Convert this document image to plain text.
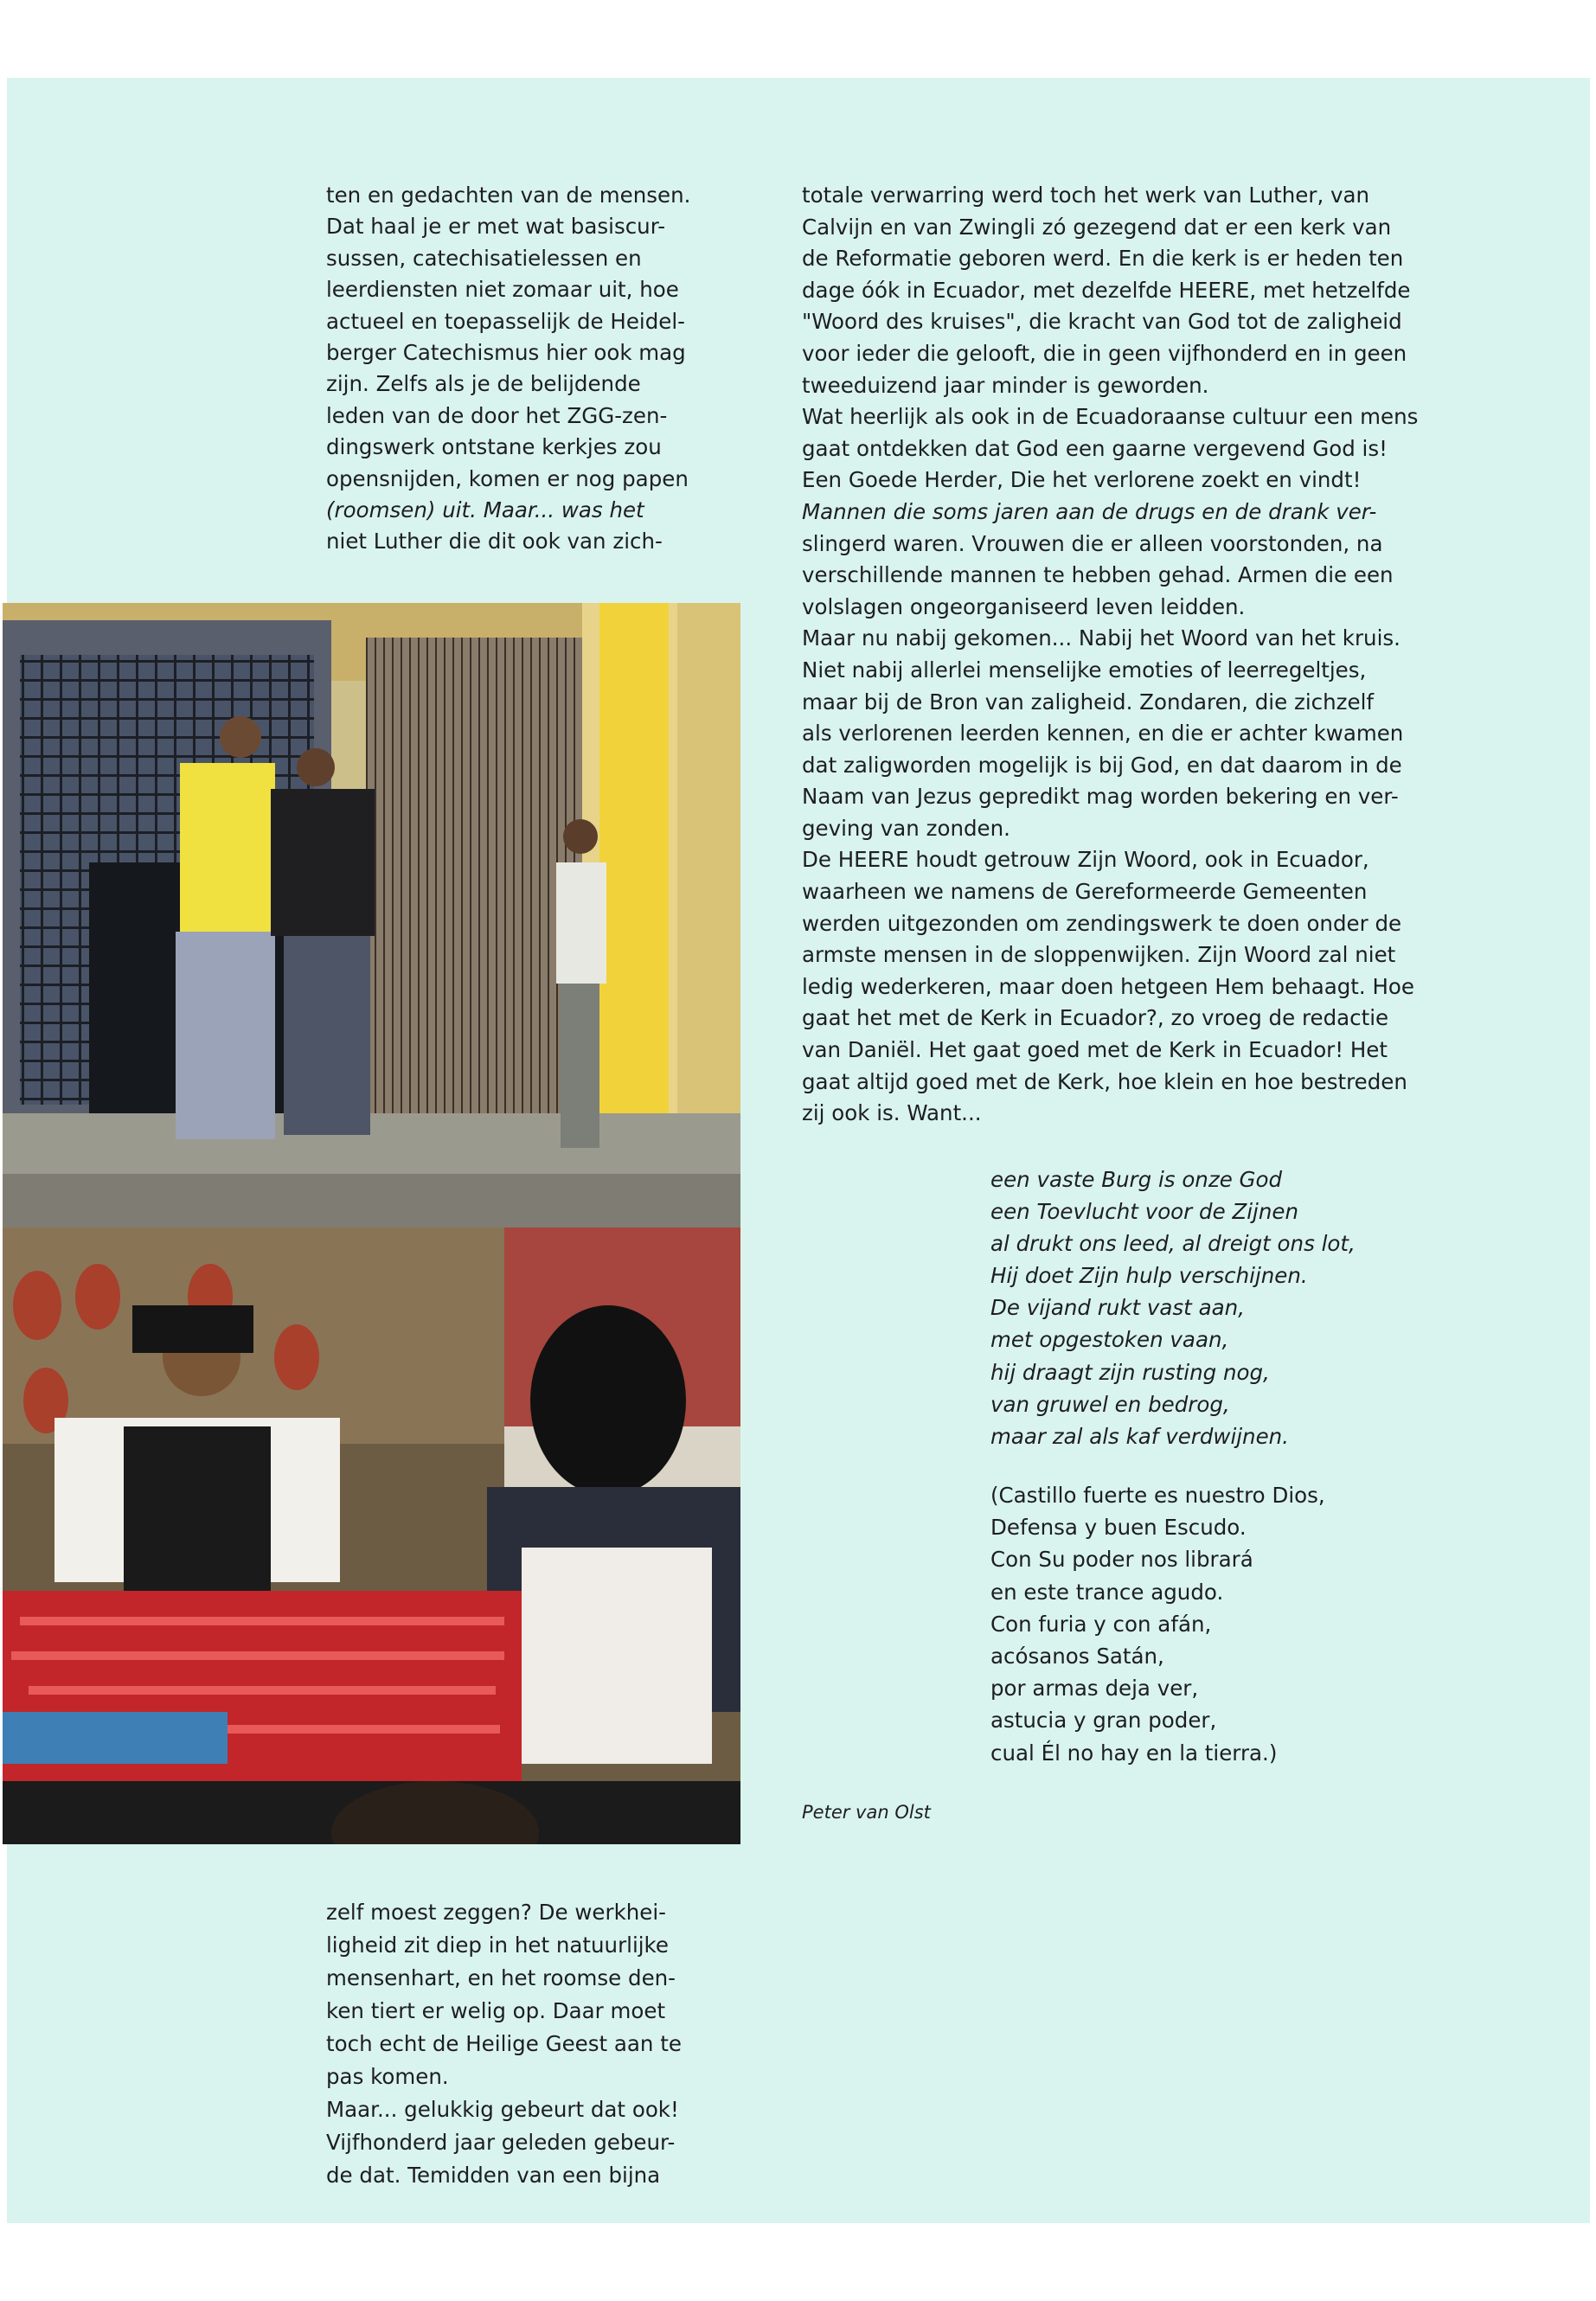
ten en gedachten van de mensen.
Dat haal je er met wat basiscur-
sussen, catechisatielessen en
leerdiensten niet zomaar uit, hoe
actueel en toepasselijk de Heidel-
berger Catechismus hier ook mag
zijn. Zelfs als je de belijdende
leden van de door het ZGG-zen-
dingswerk ontstane kerkjes zou
opensnijden, komen er nog papen
(roomsen) uit. Maar... was het
niet Luther die dit ook van zich-
zelf moest zeggen? De werkhei-
ligheid zit diep in het natuurlijke
mensenhart, en het roomse den-
ken tiert er welig op. Daar moet
toch echt de Heilige Geest aan te
pas komen.
Maar... gelukkig gebeurt dat ook!
Vijfhonderd jaar geleden gebeur-
de dat. Temidden van een bijna
totale verwarring werd toch het werk van Luther, van
Calvijn en van Zwingli zó gezegend dat er een kerk van
de Reformatie geboren werd. En die kerk is er heden ten
dage óók in Ecuador, met dezelfde HEERE, met hetzelfde
"Woord des kruises", die kracht van God tot de zaligheid
voor ieder die gelooft, die in geen vijfhonderd en in geen
tweeduizend jaar minder is geworden.
Wat heerlijk als ook in de Ecuadoraanse cultuur een mens
gaat ontdekken dat God een gaarne vergevend God is!
Een Goede Herder, Die het verlorene zoekt en vindt!
Mannen die soms jaren aan de drugs en de drank ver-
slingerd waren. Vrouwen die er alleen voorstonden, na
verschillende mannen te hebben gehad. Armen die een
volslagen ongeorganiseerd leven leidden.
Maar nu nabij gekomen... Nabij het Woord van het kruis.
Niet nabij allerlei menselijke emoties of leerregeltjes,
maar bij de Bron van zaligheid. Zondaren, die zichzelf
als verlorenen leerden kennen, en die er achter kwamen
dat zaligworden mogelijk is bij God, en dat daarom in de
Naam van Jezus gepredikt mag worden bekering en ver-
geving van zonden.
De HEERE houdt getrouw Zijn Woord, ook in Ecuador,
waarheen we namens de Gereformeerde Gemeenten
werden uitgezonden om zendingswerk te doen onder de
armste mensen in de sloppenwijken. Zijn Woord zal niet
ledig wederkeren, maar doen hetgeen Hem behaagt. Hoe
gaat het met de Kerk in Ecuador?, zo vroeg de redactie
van Daniël. Het gaat goed met de Kerk in Ecuador! Het
gaat altijd goed met de Kerk, hoe klein en hoe bestreden
zij ook is. Want...
een vaste Burg is onze God
een Toevlucht voor de Zijnen
al drukt ons leed, al dreigt ons lot,
Hij doet Zijn hulp verschijnen.
De vijand rukt vast aan,
met opgestoken vaan,
hij draagt zijn rusting nog,
van gruwel en bedrog,
maar zal als kaf verdwijnen.
(Castillo fuerte es nuestro Dios,
Defensa y buen Escudo.
Con Su poder nos librará
en este trance agudo.
Con furia y con afán,
acósanos Satán,
por armas deja ver,
astucia y gran poder,
cual Él no hay en la tierra.)
Peter van Olst
